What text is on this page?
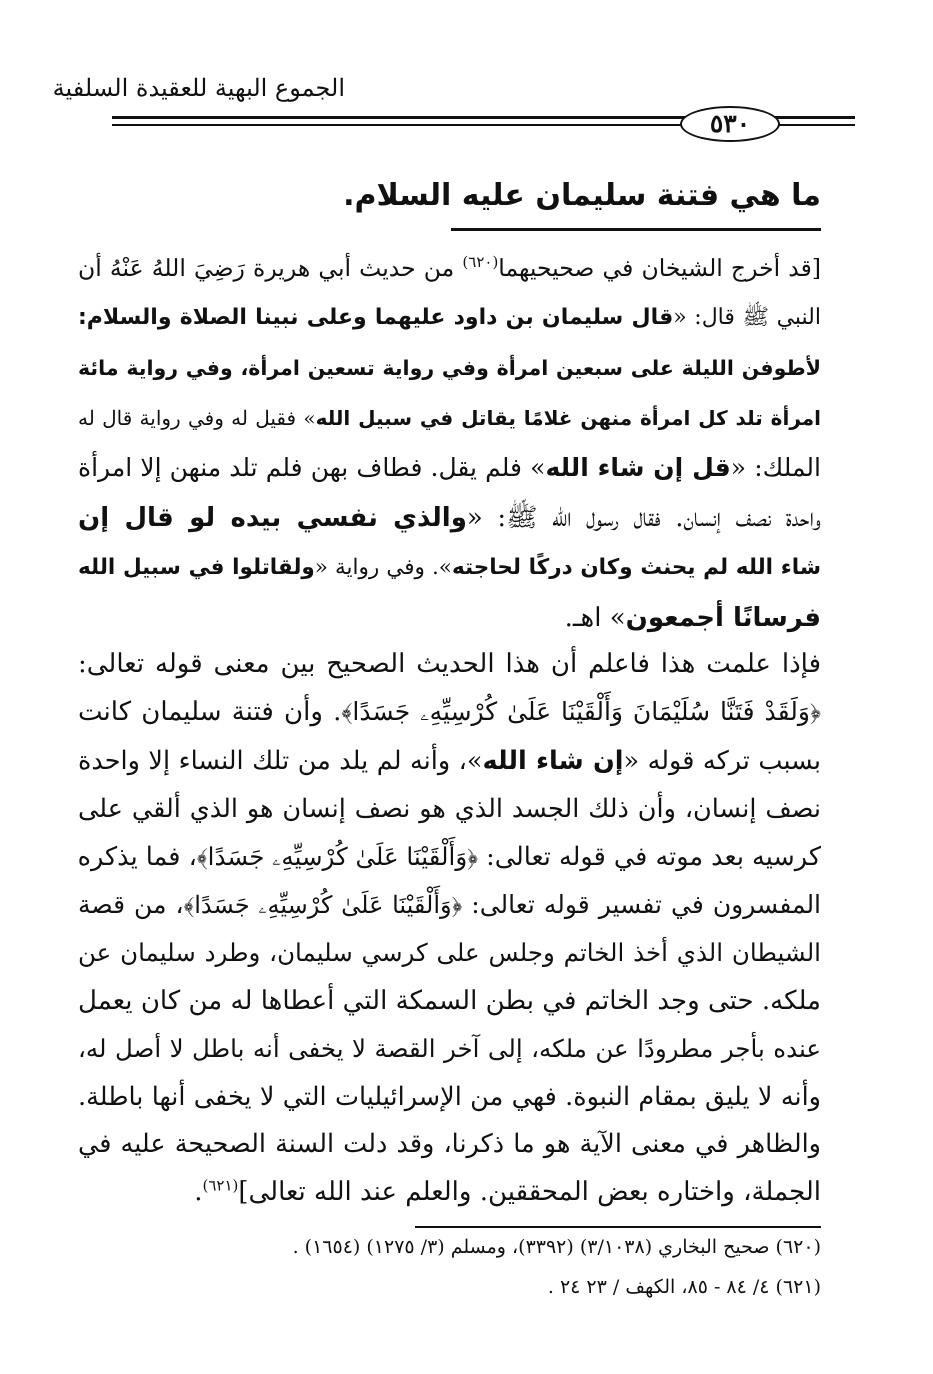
الجموع البهية للعقيدة السلفية
٥٣٠
ما هي فتنة سليمان عليه السلام.
[قد أخرج الشيخان في صحيحيهما$^{(٦٢٠)}$ من حديث أبي هريرة رَضِيَ اللهُ عَنْهُ أن
النبي ﷺ قال: «قال سليمان بن داود عليهما وعلى نبينا الصلاة والسلام:
لأطوفن الليلة على سبعين امرأة وفي رواية تسعين امرأة، وفي رواية مائة
امرأة تلد كل امرأة منهن غلامًا يقاتل في سبيل الله» فقيل له وفي رواية قال له
الملك: «قل إن شاء الله» فلم يقل. فطاف بهن فلم تلد منهن إلا امرأة
واحدة نصف إنسان. فقال رسول الله ﷺ: «والذي نفسي بيده لو قال إن
شاء الله لم يحنث وكان دركًا لحاجته». وفي رواية «ولقاتلوا في سبيل الله
فرسانًا أجمعون» اهـ.
فإذا علمت هذا فاعلم أن هذا الحديث الصحيح بين معنى قوله تعالى:
﴿وَلَقَدْ فَتَنَّا سُلَيْمَانَ وَأَلْقَيْنَا عَلَىٰ كُرْسِيِّهِۦ جَسَدًا﴾. وأن فتنة سليمان كانت
بسبب تركه قوله «إن شاء الله»، وأنه لم يلد من تلك النساء إلا واحدة
نصف إنسان، وأن ذلك الجسد الذي هو نصف إنسان هو الذي ألقي على
كرسيه بعد موته في قوله تعالى: ﴿وَأَلْقَيْنَا عَلَىٰ كُرْسِيِّهِۦ جَسَدًا﴾، فما يذكره
المفسرون في تفسير قوله تعالى: ﴿وَأَلْقَيْنَا عَلَىٰ كُرْسِيِّهِۦ جَسَدًا﴾، من قصة
الشيطان الذي أخذ الخاتم وجلس على كرسي سليمان، وطرد سليمان عن
ملكه. حتى وجد الخاتم في بطن السمكة التي أعطاها له من كان يعمل
عنده بأجر مطرودًا عن ملكه، إلى آخر القصة لا يخفى أنه باطل لا أصل له،
وأنه لا يليق بمقام النبوة. فهي من الإسرائيليات التي لا يخفى أنها باطلة.
والظاهر في معنى الآية هو ما ذكرنا، وقد دلت السنة الصحيحة عليه في
الجملة، واختاره بعض المحققين. والعلم عند الله تعالى]$^{(٦٢١)}$.
(٦٢٠) صحيح البخاري (٣/١٠٣٨) (٣٣٩٢)، ومسلم (٣/ ١٢٧٥) (١٦٥٤) .
(٦٢١) ٤/ ٨٤ - ٨٥، الكهف / ٢٣ ٢٤ .
